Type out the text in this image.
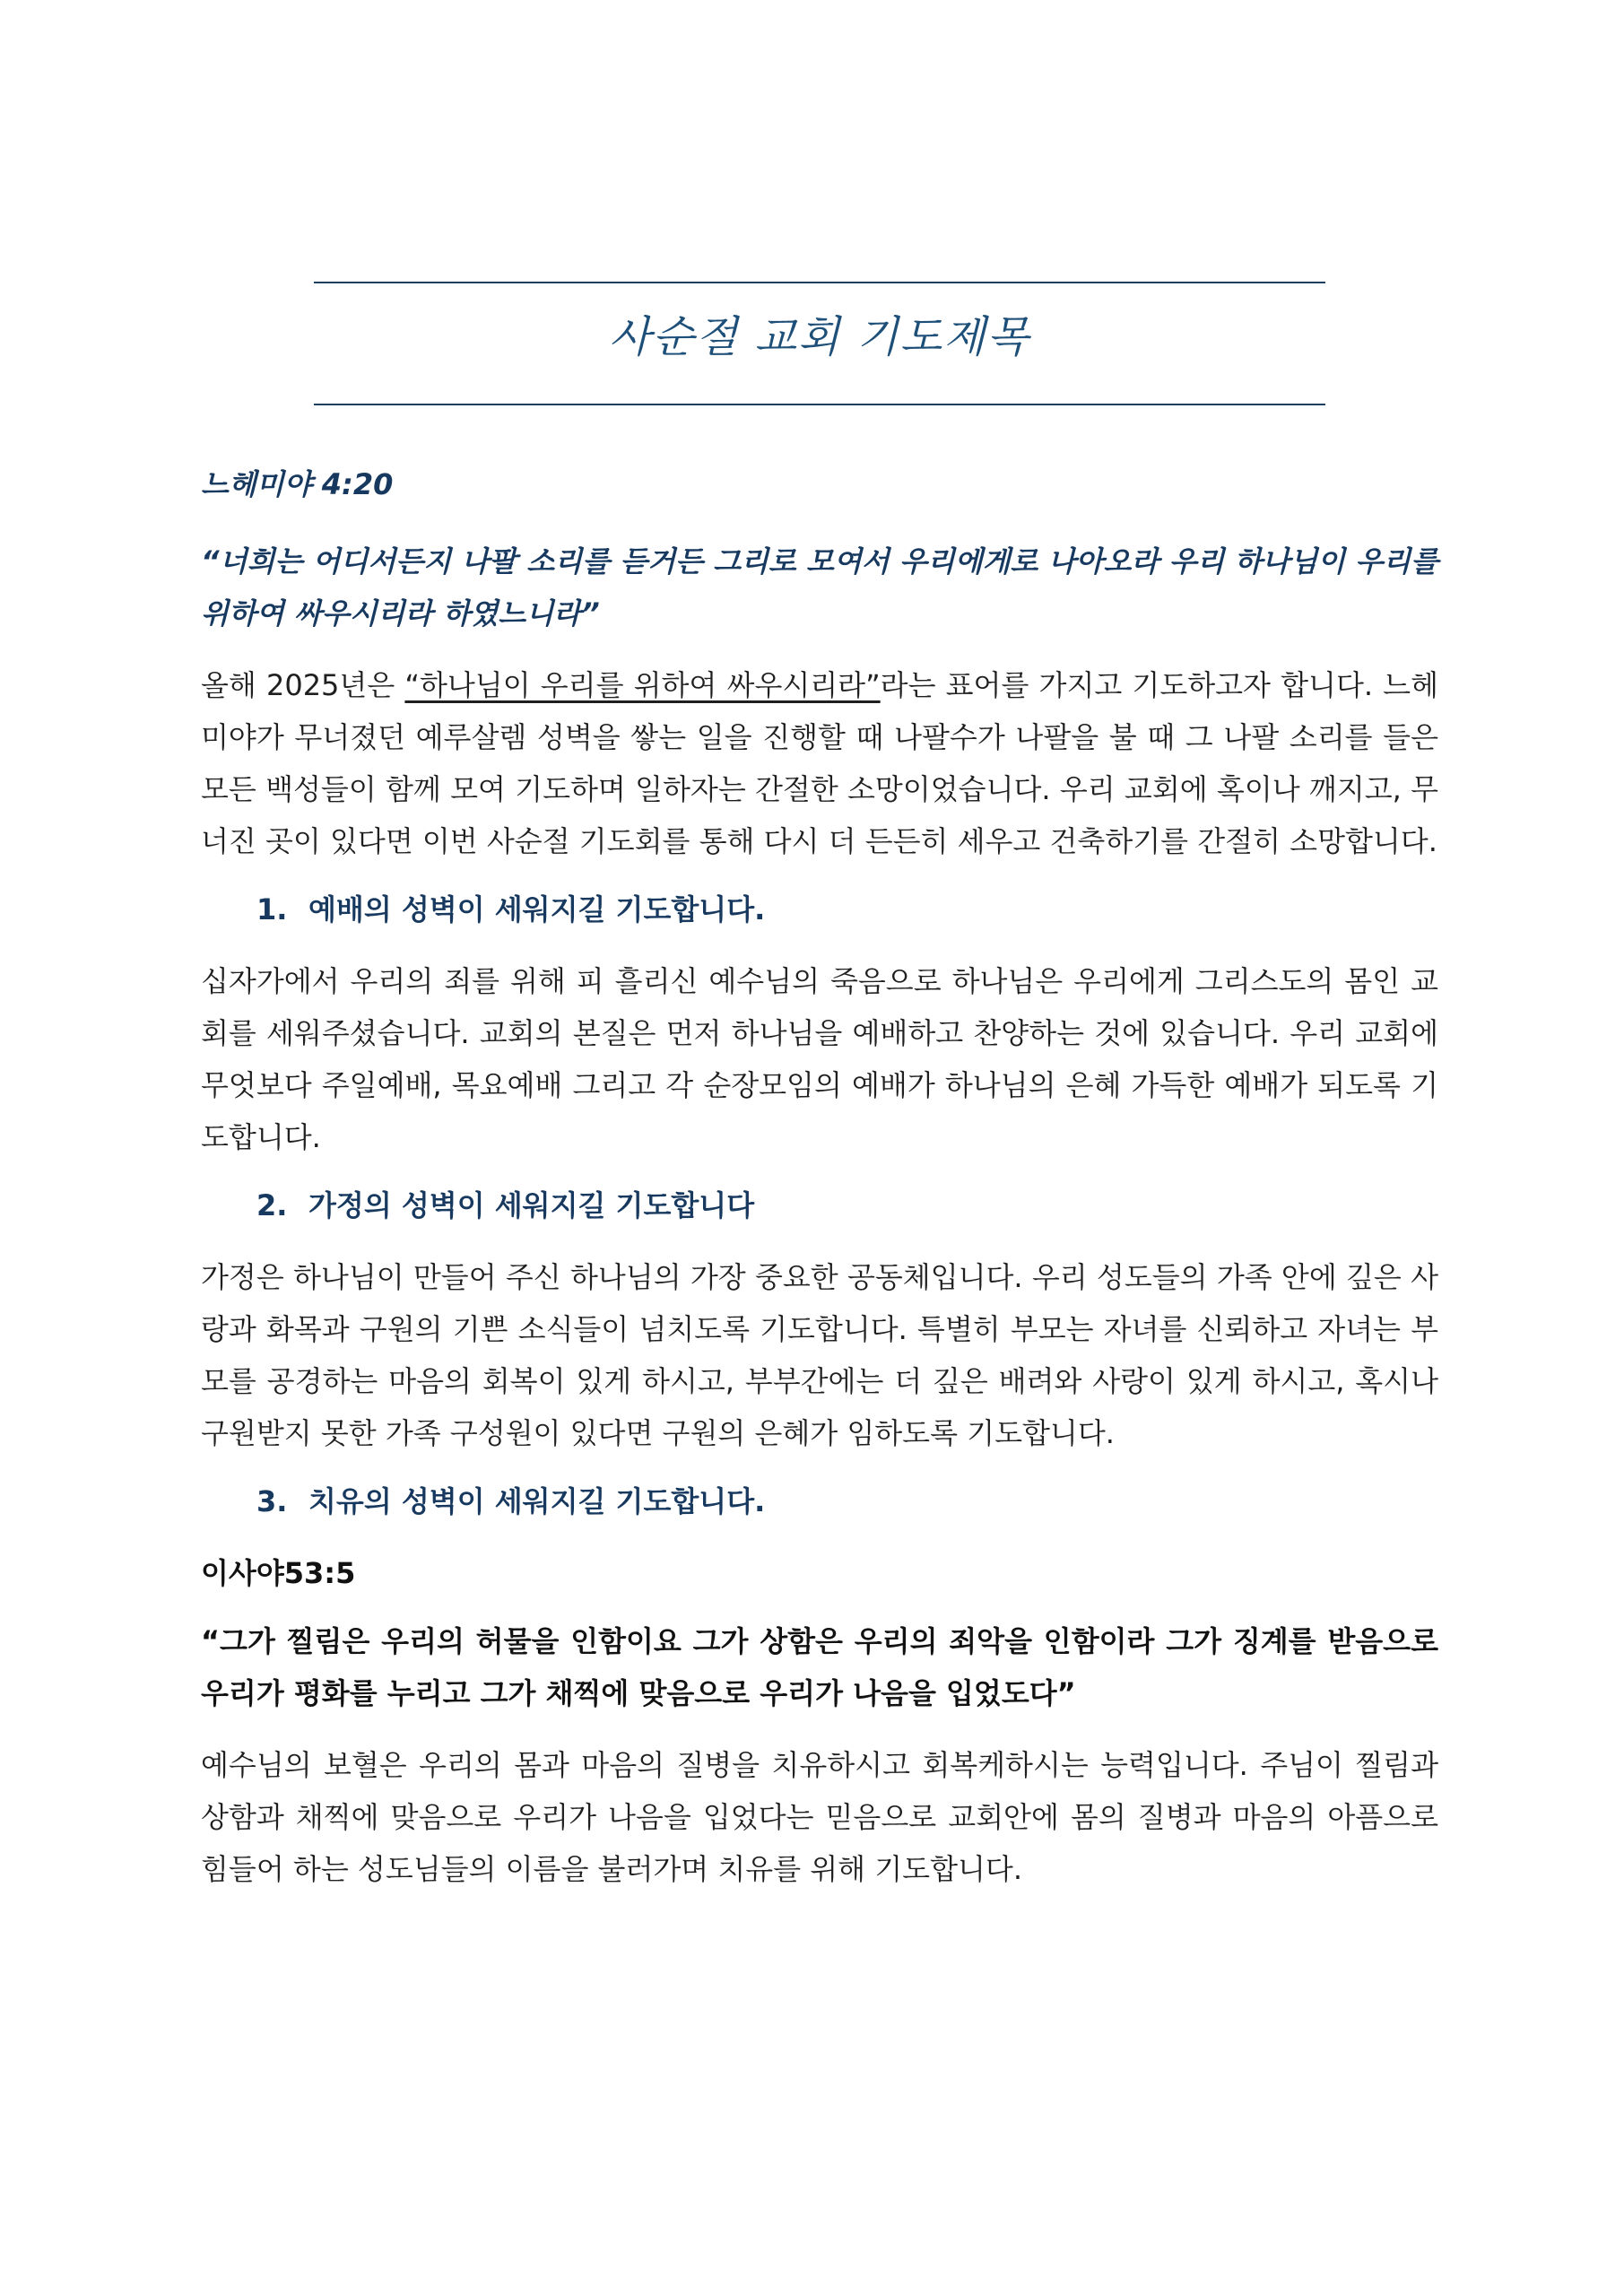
사순절 교회 기도제목
느헤미야 4:20
“너희는 어디서든지 나팔 소리를 듣거든 그리로 모여서 우리에게로 나아오라 우리 하나님이 우리를 위하여 싸우시리라 하였느니라”
올해 2025년은 “하나님이 우리를 위하여 싸우시리라”라는 표어를 가지고 기도하고자 합니다. 느헤미야가 무너졌던 예루살렘 성벽을 쌓는 일을 진행할 때 나팔수가 나팔을 불 때 그 나팔 소리를 들은 모든 백성들이 함께 모여 기도하며 일하자는 간절한 소망이었습니다. 우리 교회에 혹이나 깨지고, 무너진 곳이 있다면 이번 사순절 기도회를 통해 다시 더 든든히 세우고 건축하기를 간절히 소망합니다.
1. 예배의 성벽이 세워지길 기도합니다.
십자가에서 우리의 죄를 위해 피 흘리신 예수님의 죽음으로 하나님은 우리에게 그리스도의 몸인 교회를 세워주셨습니다. 교회의 본질은 먼저 하나님을 예배하고 찬양하는 것에 있습니다. 우리 교회에 무엇보다 주일예배, 목요예배 그리고 각 순장모임의 예배가 하나님의 은혜 가득한 예배가 되도록 기도합니다.
2. 가정의 성벽이 세워지길 기도합니다
가정은 하나님이 만들어 주신 하나님의 가장 중요한 공동체입니다. 우리 성도들의 가족 안에 깊은 사랑과 화목과 구원의 기쁜 소식들이 넘치도록 기도합니다. 특별히 부모는 자녀를 신뢰하고 자녀는 부모를 공경하는 마음의 회복이 있게 하시고, 부부간에는 더 깊은 배려와 사랑이 있게 하시고, 혹시나 구원받지 못한 가족 구성원이 있다면 구원의 은혜가 임하도록 기도합니다.
3. 치유의 성벽이 세워지길 기도합니다.
이사야53:5
“그가 찔림은 우리의 허물을 인함이요 그가 상함은 우리의 죄악을 인함이라 그가 징계를 받음으로 우리가 평화를 누리고 그가 채찍에 맞음으로 우리가 나음을 입었도다”
예수님의 보혈은 우리의 몸과 마음의 질병을 치유하시고 회복케하시는 능력입니다. 주님이 찔림과 상함과 채찍에 맞음으로 우리가 나음을 입었다는 믿음으로 교회안에 몸의 질병과 마음의 아픔으로 힘들어 하는 성도님들의 이름을 불러가며 치유를 위해 기도합니다.
